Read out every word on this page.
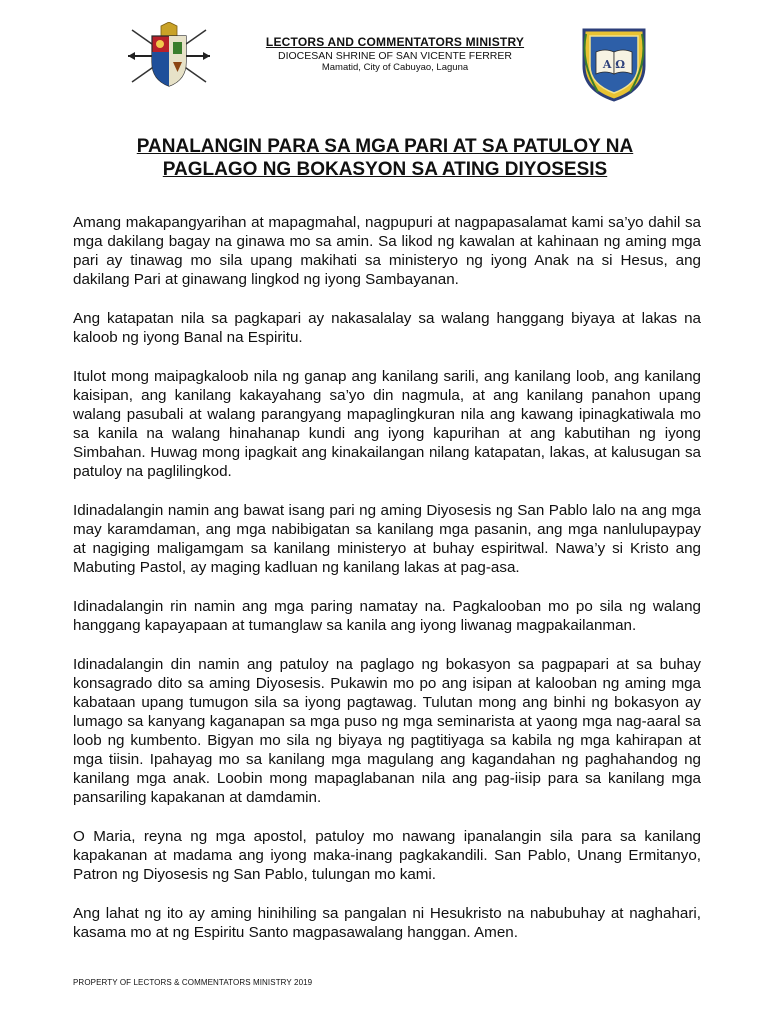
LECTORS AND COMMENTATORS MINISTRY
DIOCESAN SHRINE OF SAN VICENTE FERRER
Mamatid, City of Cabuyao, Laguna	A Ω
PANALANGIN PARA SA MGA PARI AT SA PATULOY NA
PAGLAGO NG BOKASYON SA ATING DIYOSESIS

Amang makapangyarihan at mapagmahal, nagpupuri at nagpapasalamat kami sa’yo dahil sa mga dakilang bagay na ginawa mo sa amin. Sa likod ng kawalan at kahinaan ng aming mga pari ay tinawag mo sila upang makihati sa ministeryo ng iyong Anak na si Hesus, ang dakilang Pari at ginawang lingkod ng iyong Sambayanan.

Ang katapatan nila sa pagkapari ay nakasalalay sa walang hanggang biyaya at lakas na kaloob ng iyong Banal na Espiritu.

Itulot mong maipagkaloob nila ng ganap ang kanilang sarili, ang kanilang loob, ang kanilang kaisipan, ang kanilang kakayahang sa’yo din nagmula, at ang kanilang panahon upang walang pasubali at walang parangyang mapaglingkuran nila ang kawang ipinagkatiwala mo sa kanila na walang hinahanap kundi ang iyong kapurihan at ang kabutihan ng iyong Simbahan. Huwag mong ipagkait ang kinakailangan nilang katapatan, lakas, at kalusugan sa patuloy na paglilingkod.

Idinadalangin namin ang bawat isang pari ng aming Diyosesis ng San Pablo lalo na ang mga may karamdaman, ang mga nabibigatan sa kanilang mga pasanin, ang mga nanlulupaypay at nagiging maligamgam sa kanilang ministeryo at buhay espiritwal. Nawa’y si Kristo ang Mabuting Pastol, ay maging kadluan ng kanilang lakas at pag-asa.

Idinadalangin rin namin ang mga paring namatay na. Pagkalooban mo po sila ng walang hanggang kapayapaan at tumanglaw sa kanila ang iyong liwanag magpakailanman.

Idinadalangin din namin ang patuloy na paglago ng bokasyon sa pagpapari at sa buhay konsagrado dito sa aming Diyosesis. Pukawin mo po ang isipan at kalooban ng aming mga kabataan upang tumugon sila sa iyong pagtawag. Tulutan mong ang binhi ng bokasyon ay lumago sa kanyang kaganapan sa mga puso ng mga seminarista at yaong mga nag-aaral sa loob ng kumbento. Bigyan mo sila ng biyaya ng pagtitiyaga sa kabila ng mga kahirapan at mga tiisin. Ipahayag mo sa kanilang mga magulang ang kagandahan ng paghahandog ng kanilang mga anak. Loobin mong mapaglabanan nila ang pag-iisip para sa kanilang mga pansariling kapakanan at damdamin.

O Maria, reyna ng mga apostol, patuloy mo nawang ipanalangin sila para sa kanilang kapakanan at madama ang iyong maka-inang pagkakandili. San Pablo, Unang Ermitanyo, Patron ng Diyosesis ng San Pablo, tulungan mo kami.

Ang lahat ng ito ay aming hinihiling sa pangalan ni Hesukristo na nabubuhay at naghahari, kasama mo at ng Espiritu Santo magpasawalang hanggan. Amen.

PROPERTY OF LECTORS & COMMENTATORS MINISTRY 2019
